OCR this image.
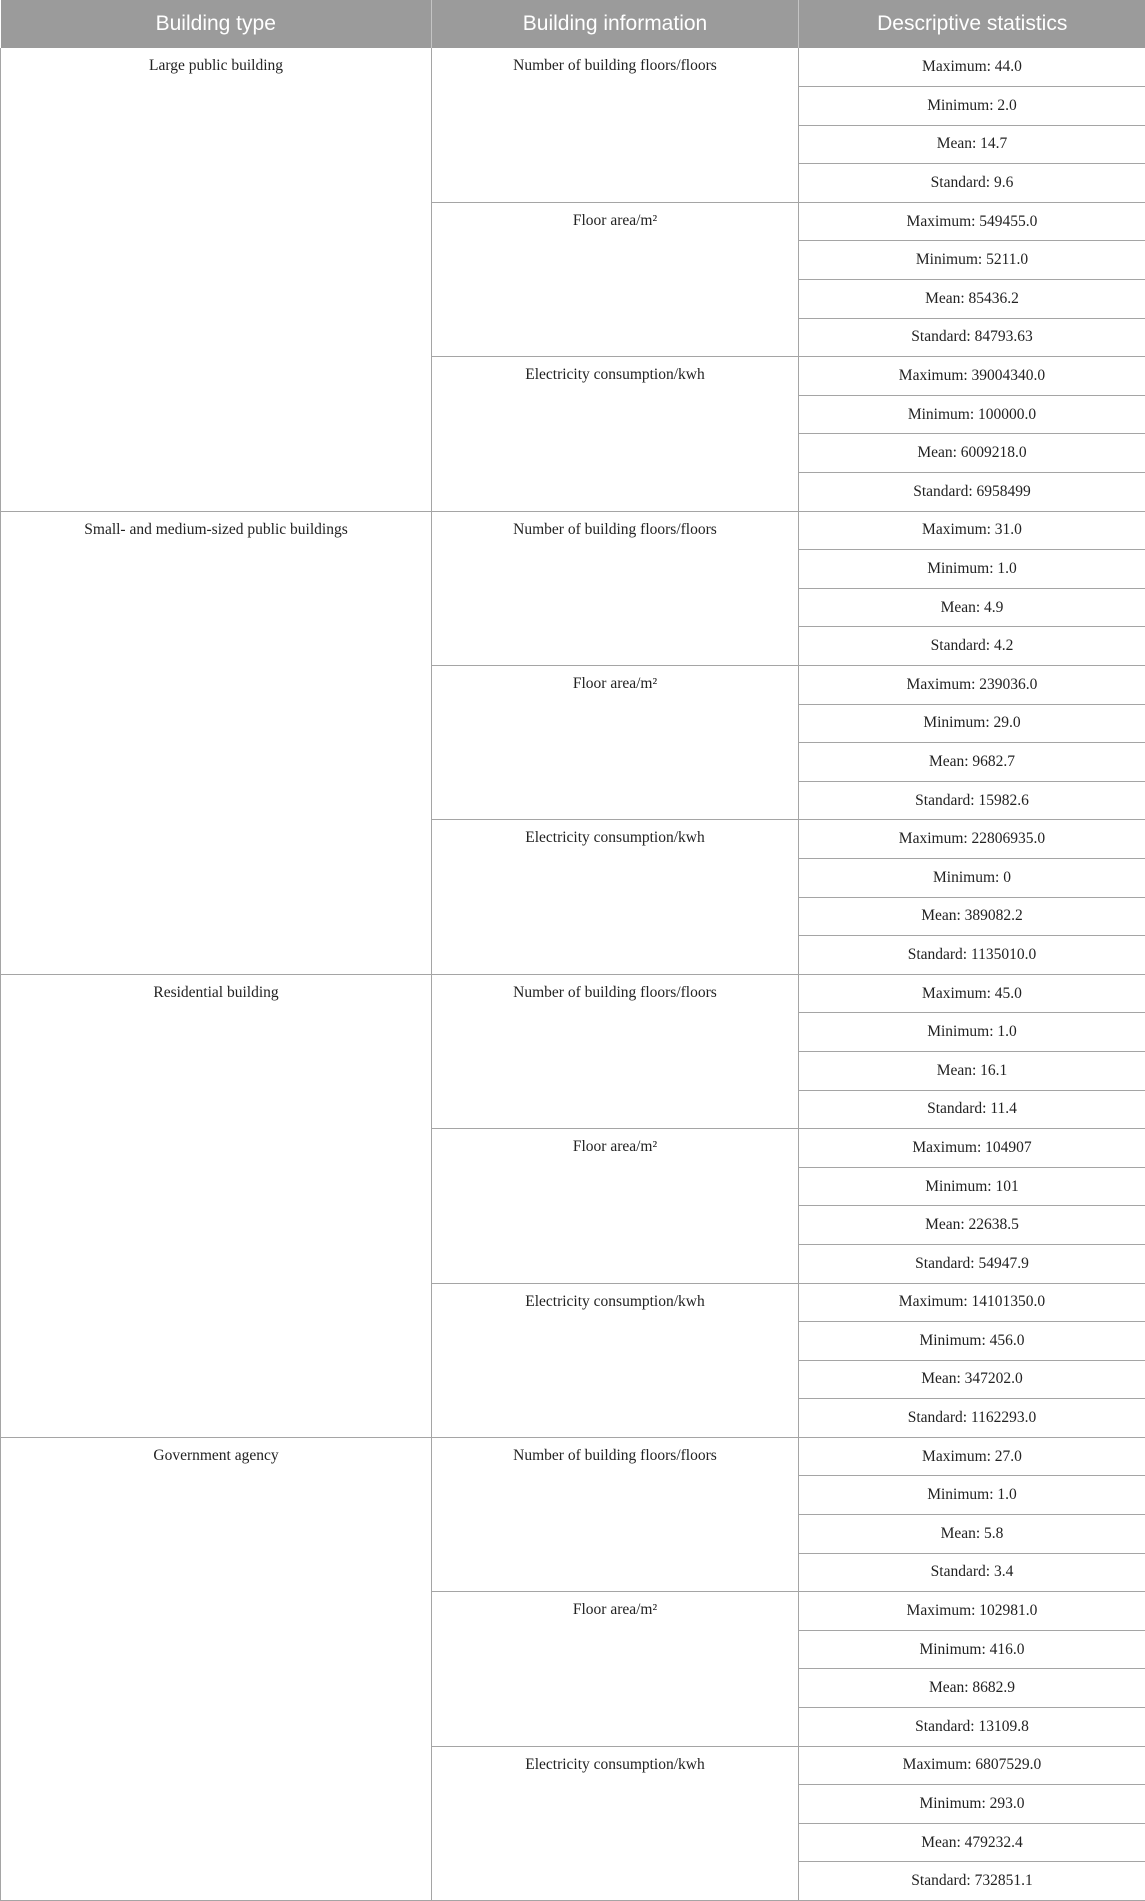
Building type	Building information	Descriptive statistics
Large public building	Number of building floors/floors	Maximum: 44.0
		Minimum: 2.0
		Mean: 14.7
		Standard: 9.6
	Floor area/m²	Maximum: 549455.0
		Minimum: 5211.0
		Mean: 85436.2
		Standard: 84793.63
	Electricity consumption/kwh	Maximum: 39004340.0
		Minimum: 100000.0
		Mean: 6009218.0
		Standard: 6958499
Small- and medium-sized public buildings	Number of building floors/floors	Maximum: 31.0
		Minimum: 1.0
		Mean: 4.9
		Standard: 4.2
	Floor area/m²	Maximum: 239036.0
		Minimum: 29.0
		Mean: 9682.7
		Standard: 15982.6
	Electricity consumption/kwh	Maximum: 22806935.0
		Minimum: 0
		Mean: 389082.2
		Standard: 1135010.0
Residential building	Number of building floors/floors	Maximum: 45.0
		Minimum: 1.0
		Mean: 16.1
		Standard: 11.4
	Floor area/m²	Maximum: 104907
		Minimum: 101
		Mean: 22638.5
		Standard: 54947.9
	Electricity consumption/kwh	Maximum: 14101350.0
		Minimum: 456.0
		Mean: 347202.0
		Standard: 1162293.0
Government agency	Number of building floors/floors	Maximum: 27.0
		Minimum: 1.0
		Mean: 5.8
		Standard: 3.4
	Floor area/m²	Maximum: 102981.0
		Minimum: 416.0
		Mean: 8682.9
		Standard: 13109.8
	Electricity consumption/kwh	Maximum: 6807529.0
		Minimum: 293.0
		Mean: 479232.4
		Standard: 732851.1
